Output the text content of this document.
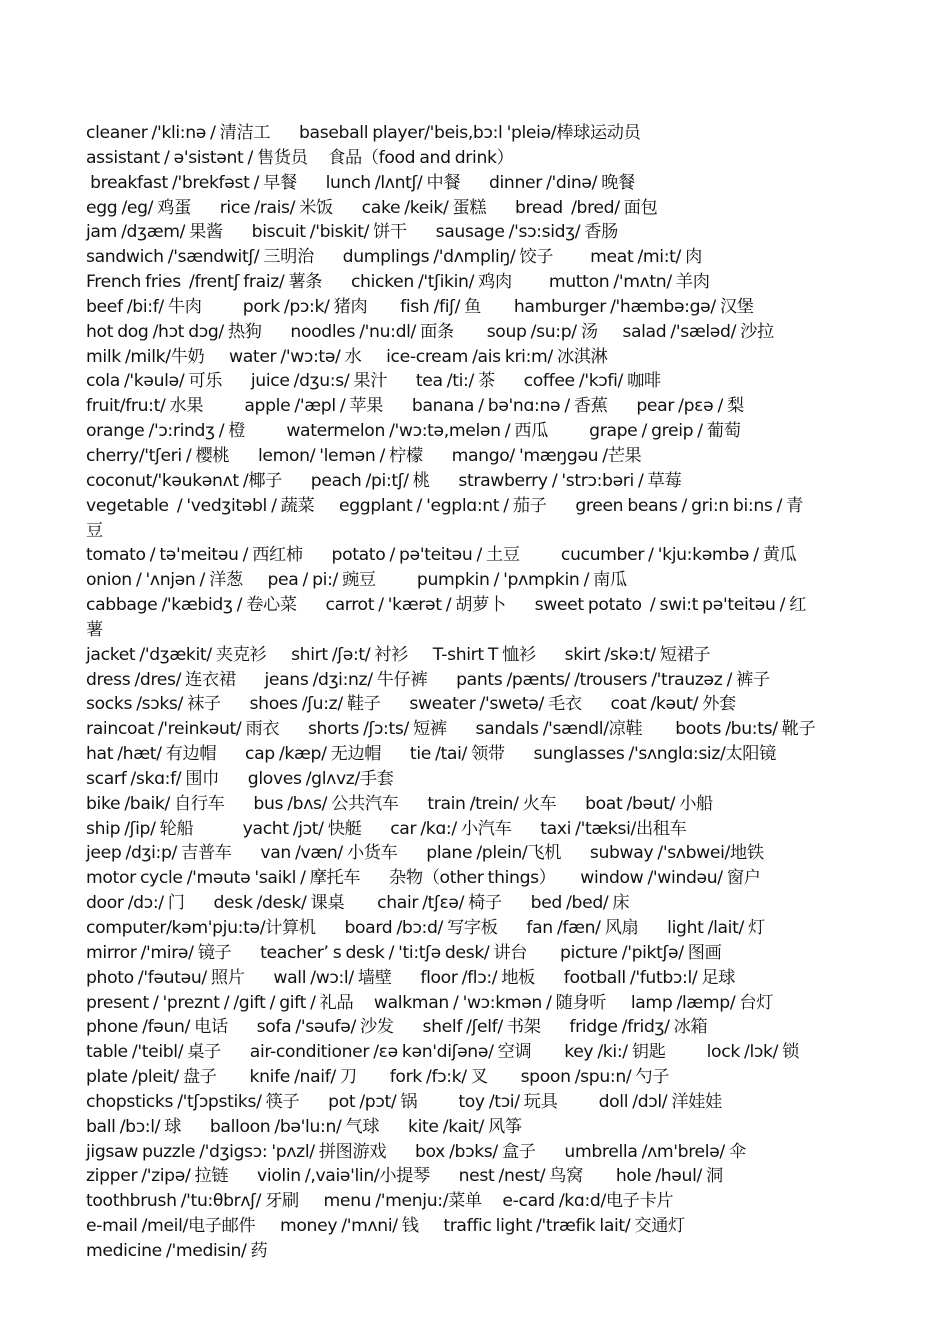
cleaner /'kli:nə / 清洁工       baseball player/'beis,bɔ:l 'pleiə/棒球运动员
assistant / ə'sistənt / 售货员     食品（food and drink）
breakfast /'brekfəst / 早餐       lunch /lʌntʃ/ 中餐       dinner /'dinə/ 晚餐
egg /eg/ 鸡蛋       rice /rais/ 米饭       cake /keik/ 蛋糕       bread  /bred/ 面包
jam /dʒæm/ 果酱       biscuit /'biskit/ 饼干       sausage /'sɔ:sidʒ/ 香肠
sandwich /'sændwitʃ/ 三明治       dumplings /'dʌmpliŋ/ 饺子         meat /mi:t/ 肉
French fries  /frentʃ fraiz/ 薯条       chicken /'tʃikin/ 鸡肉         mutton /'mʌtn/ 羊肉
beef /bi:f/ 牛肉          pork /pɔ:k/ 猪肉        fish /fiʃ/ 鱼        hamburger /'hæmbə:gə/ 汉堡
hot dog /hɔt dɔg/ 热狗       noodles /'nu:dl/ 面条        soup /su:p/ 汤      salad /'sæləd/ 沙拉
milk /milk/牛奶      water /'wɔ:tə/ 水      ice-cream /ais kri:m/ 冰淇淋
cola /'kəulə/ 可乐       juice /dʒu:s/ 果汁       tea /ti:/ 茶       coffee /'kɔfi/ 咖啡
fruit/fru:t/ 水果          apple /'æpl / 苹果       banana / bə'nɑ:nə / 香蕉       pear /pɛə / 梨
orange /'ɔ:rindʒ / 橙          watermelon /'wɔ:tə,melən / 西瓜          grape / greip / 葡萄
cherry/'tʃeri / 樱桃       lemon/ 'lemən / 柠檬       mango/ 'mæŋgəu /芒果
coconut/'kəukənʌt /椰子       peach /pi:tʃ/ 桃       strawberry / 'strɔ:bəri / 草莓
vegetable  / 'vedʒitəbl / 蔬菜      eggplant / 'egplɑ:nt / 茄子       green beans / gri:n bi:ns / 青
豆
tomato / tə'meitəu / 西红柿       potato / pə'teitəu / 土豆          cucumber / 'kju:kəmbə / 黄瓜
onion / 'ʌnjən / 洋葱      pea / pi:/ 豌豆          pumpkin / 'pʌmpkin / 南瓜
cabbage /'kæbidʒ / 卷心菜       carrot / 'kærət / 胡萝卜       sweet potato  / swi:t pə'teitəu / 红
薯
jacket /'dʒækit/ 夹克衫      shirt /ʃə:t/ 衬衫      T-shirt T 恤衫       skirt /skə:t/ 短裙子
dress /dres/ 连衣裙       jeans /dʒi:nz/ 牛仔裤       pants /pænts/ /trousers /'trauzəz / 裤子
socks /sɔks/ 袜子       shoes /ʃu:z/ 鞋子       sweater /'swetə/ 毛衣       coat /kəut/ 外套
raincoat /'reinkəut/ 雨衣       shorts /ʃɔ:ts/ 短裤       sandals /'sændl/凉鞋        boots /bu:ts/ 靴子
hat /hæt/ 有边帽       cap /kæp/ 无边帽       tie /tai/ 领带       sunglasses /'sʌnglɑ:siz/太阳镜
scarf /skɑ:f/ 围巾       gloves /glʌvz/手套
bike /baik/ 自行车       bus /bʌs/ 公共汽车       train /trein/ 火车       boat /bəut/ 小船
ship /ʃip/ 轮船            yacht /jɔt/ 快艇       car /kɑ:/ 小汽车       taxi /'tæksi/出租车
jeep /dʒi:p/ 吉普车       van /væn/ 小货车       plane /plein/飞机       subway /'sʌbwei/地铁
motor cycle /'məutə 'saikl / 摩托车       杂物（other things）      window /'windəu/ 窗户
door /dɔ:/ 门       desk /desk/ 课桌        chair /tʃεə/ 椅子       bed /bed/ 床
computer/kəm'pju:tə/计算机       board /bɔ:d/ 写字板       fan /fæn/ 风扇       light /lait/ 灯
mirror /'mirə/ 镜子       teacher’ s desk / 'ti:tʃə desk/ 讲台        picture /'piktʃə/ 图画
photo /'fəutəu/ 照片       wall /wɔ:l/ 墙壁       floor /flɔ:/ 地板       football /'futbɔ:l/ 足球
present / 'preznt / /gift / gift / 礼品     walkman / 'wɔ:kmən / 随身听      lamp /læmp/ 台灯
phone /fəun/ 电话       sofa /'səufə/ 沙发       shelf /ʃelf/ 书架       fridge /fridʒ/ 冰箱
table /'teibl/ 桌子       air-conditioner /εə kən'diʃənə/ 空调        key /ki:/ 钥匙          lock /lɔk/ 锁
plate /pleit/ 盘子        knife /naif/ 刀        fork /fɔ:k/ 叉        spoon /spu:n/ 勺子
chopsticks /'tʃɔpstiks/ 筷子       pot /pɔt/ 锅          toy /tɔi/ 玩具          doll /dɔl/ 洋娃娃
ball /bɔ:l/ 球       balloon /bə'lu:n/ 气球       kite /kait/ 风筝
jigsaw puzzle /'dʒigsɔ: 'pʌzl/ 拼图游戏       box /bɔks/ 盒子       umbrella /ʌm'brelə/ 伞
zipper /'zipə/ 拉链       violin /,vaiə'lin/小提琴       nest /nest/ 鸟窝        hole /həul/ 洞
toothbrush /'tu:θbrʌʃ/ 牙刷      menu /'menju:/菜单     e-card /kɑ:d/电子卡片
e-mail /meil/电子邮件      money /'mʌni/ 钱      traffic light /'træfik lait/ 交通灯
medicine /'medisin/ 药
